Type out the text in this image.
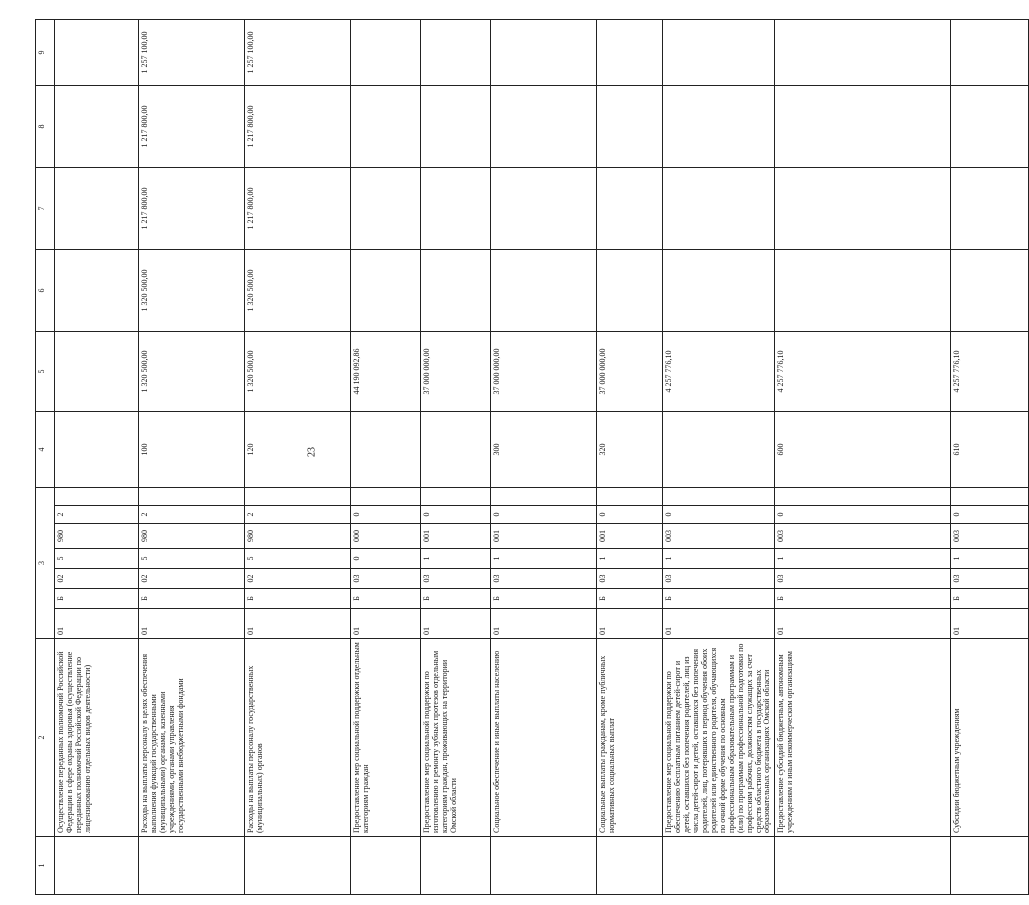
23
1	2	3							4	5	6	7	8	9	
	Осуществление переданных полномочий Российской Федерации в сфере охраны здоровья (осуществление переданных полномочий Российской Федерации по лицензированию отдельных видов деятельности)	01	Б	02	5	980	2								
	Расходы на выплаты персоналу в целях обеспечения выполнения функций государственными (муниципальными) органами, казенными учреждениями, органами управления государственными внебюджетными фондами	01	Б	02	5	980	2		100	1 320 500,00	1 320 500,00	1 217 800,00	1 217 800,00	1 257 100,00	
	Расходы на выплаты персоналу государственных (муниципальных) органов	01	Б	02	5	980	2		120	1 320 500,00	1 320 500,00	1 217 800,00	1 217 800,00	1 257 100,00	
	Предоставление мер социальной поддержки отдельным категориям граждан	01	Б	03	0	000	0			44 190 092,86					
	Предоставление мер социальной поддержки по изготовлению и ремонту зубных протезов отдельным категориям граждан, проживающих на территории Омской области	01	Б	03	1	001	0			37 000 000,00					
	Социальное обеспечение и иные выплаты населению	01	Б	03	1	001	0		300	37 000 000,00					
	Социальные выплаты гражданам, кроме публичных нормативных социальных выплат	01	Б	03	1	001	0		320	37 000 000,00					
	Предоставление мер социальной поддержки по обеспечению бесплатным питанием детей-сирот и детей, оставшихся без попечения родителей, лиц из числа детей-сирот и детей, оставшихся без попечения родителей, лиц, потерявших в период обучения обоих родителей или единственного родителя, обучающихся по очной форме обучения по основным профессиональным образовательным программам и (или) по программам профессиональной подготовки по профессиям рабочих, должностям служащих за счет средств областного бюджета в государственных образовательных организациях Омской области	01	Б	03	1	003	0			4 257 776,10					
	Предоставление субсидий бюджетным, автономным учреждениям и иным некоммерческим организациям	01	Б	03	1	003	0		600	4 257 776,10					
	Субсидии бюджетным учреждениям	01	Б	03	1	003	0		610	4 257 776,10					
